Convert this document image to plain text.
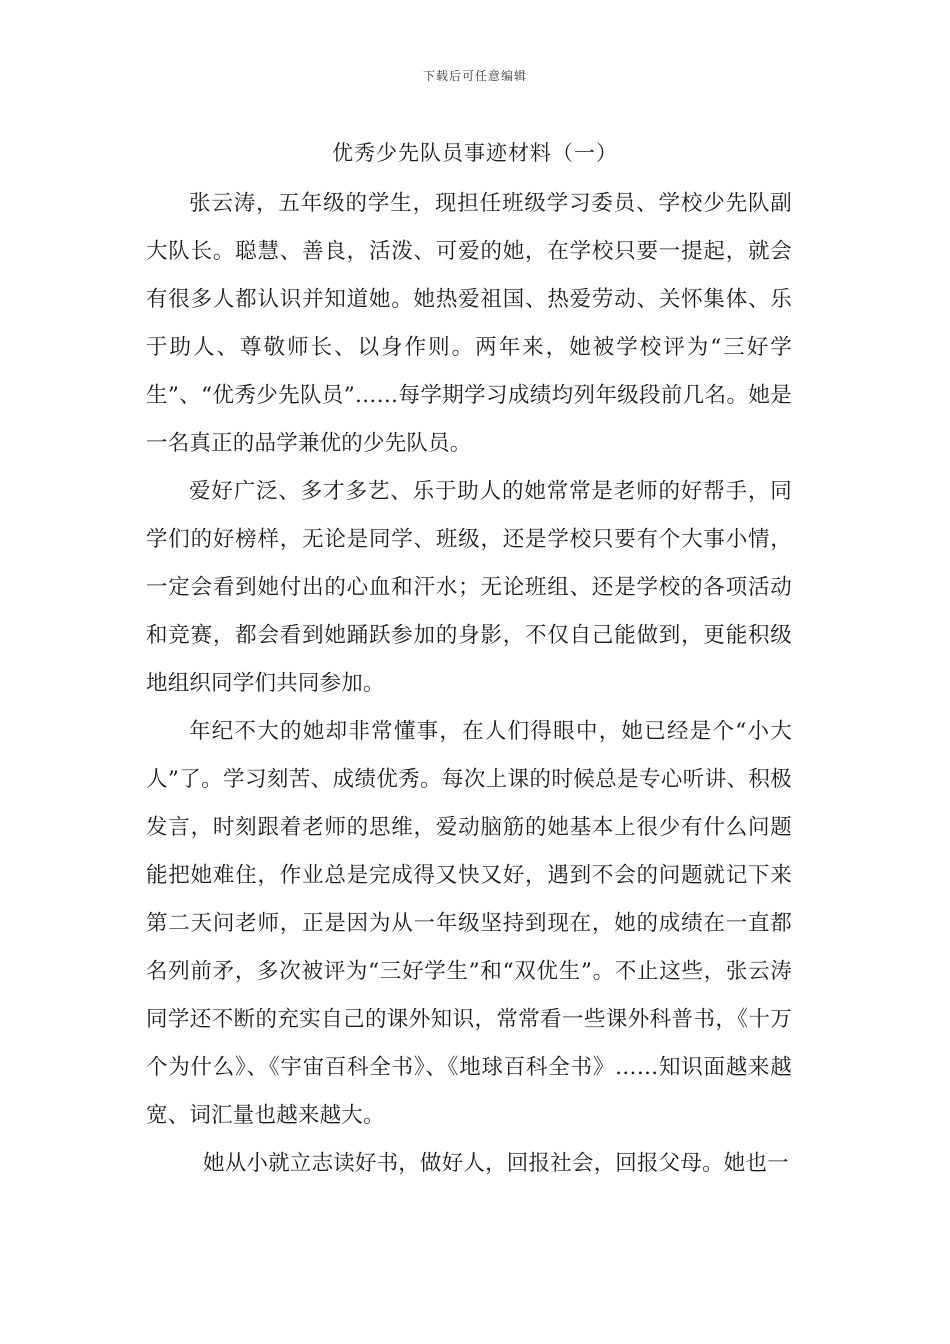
下载后可任意编辑
优秀少先队员事迹材料（一）

张云涛，五年级的学生，现担任班级学习委员、学校少先队副大队长。聪慧、善良，活泼、可爱的她，在学校只要一提起，就会有很多人都认识并知道她。她热爱祖国、热爱劳动、关怀集体、乐于助人、尊敬师长、以身作则。两年来，她被学校评为“三好学生”、“优秀少先队员”……每学期学习成绩均列年级段前几名。她是一名真正的品学兼优的少先队员。

爱好广泛、多才多艺、乐于助人的她常常是老师的好帮手，同学们的好榜样，无论是同学、班级，还是学校只要有个大事小情，一定会看到她付出的心血和汗水；无论班组、还是学校的各项活动和竞赛，都会看到她踊跃参加的身影，不仅自己能做到，更能积级地组织同学们共同参加。

年纪不大的她却非常懂事，在人们得眼中，她已经是个“小大人”了。学习刻苦、成绩优秀。每次上课的时候总是专心听讲、积极发言，时刻跟着老师的思维，爱动脑筋的她基本上很少有什么问题能把她难住，作业总是完成得又快又好，遇到不会的问题就记下来第二天问老师，正是因为从一年级坚持到现在，她的成绩在一直都名列前矛，多次被评为“三好学生”和“双优生”。不止这些，张云涛同学还不断的充实自己的课外知识，常常看一些课外科普书，《十万个为什么》、《宇宙百科全书》、《地球百科全书》……知识面越来越宽、词汇量也越来越大。

她从小就立志读好书，做好人，回报社会，回报父母。她也一
